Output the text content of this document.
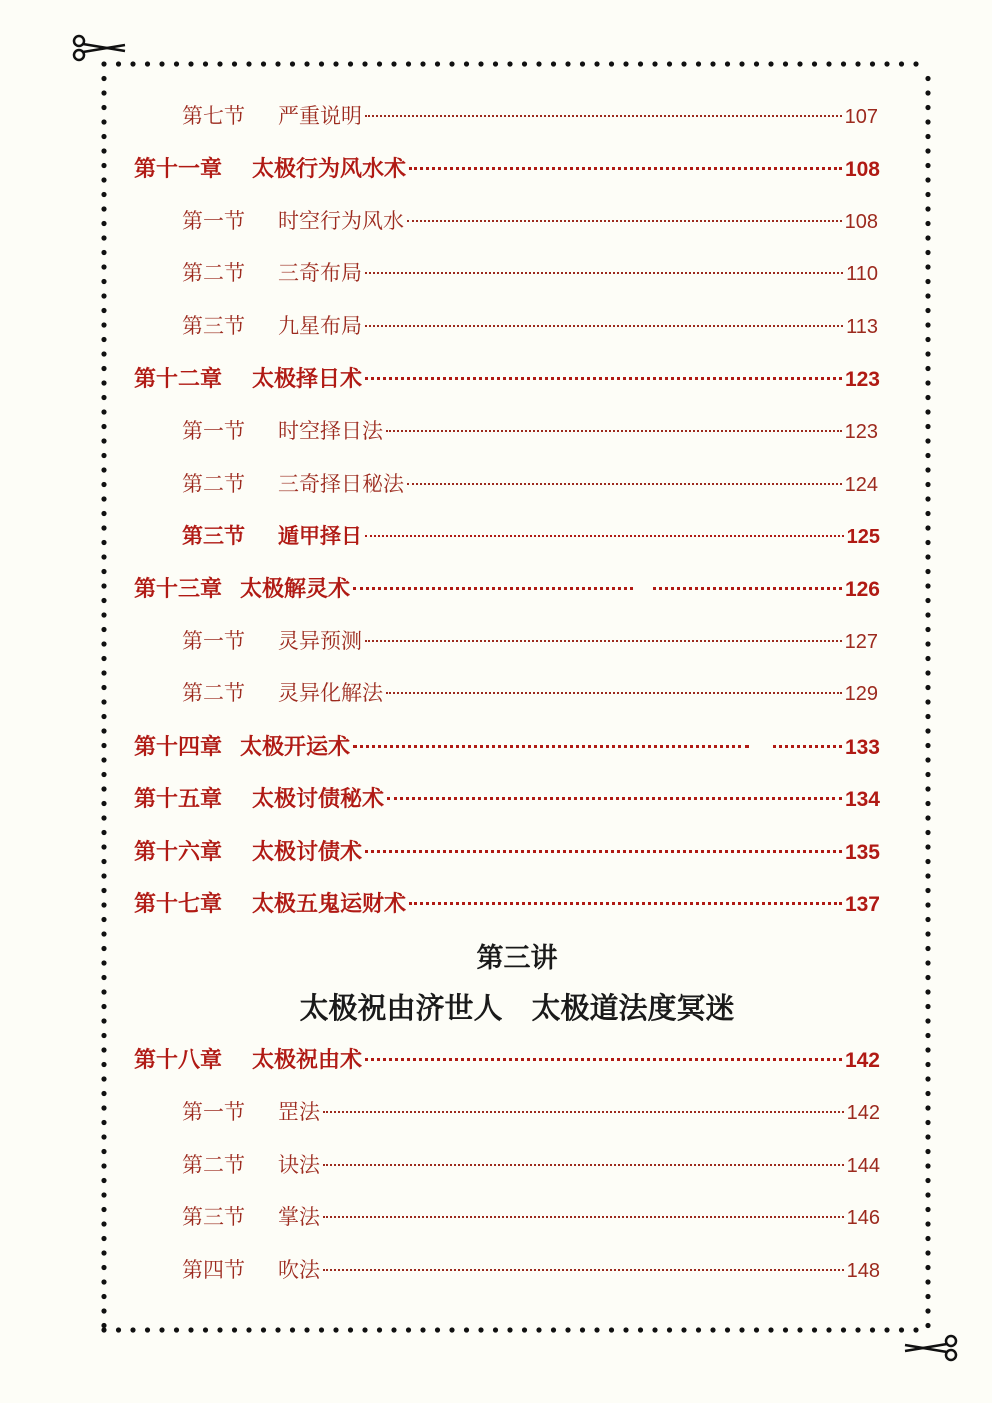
第七节	严重说明	107
第十一章	太极行为风水术	108
第一节	时空行为风水	108
第二节	三奇布局	110
第三节	九星布局	113
第十二章	太极择日术	123
第一节	时空择日法	123
第二节	三奇择日秘法	124
第三节	遁甲择日	125
第十三章 太极解灵术	126
第一节	灵异预测	127
第二节	灵异化解法	129
第十四章 太极开运术	133
第十五章	太极讨债秘术	134
第十六章	太极讨债术	135
第十七章	太极五鬼运财术	137
第三讲
太极祝由济世人　太极道法度冥迷
第十八章	太极祝由术	142
第一节	罡法	142
第二节	诀法	144
第三节	掌法	146
第四节	吹法	148
